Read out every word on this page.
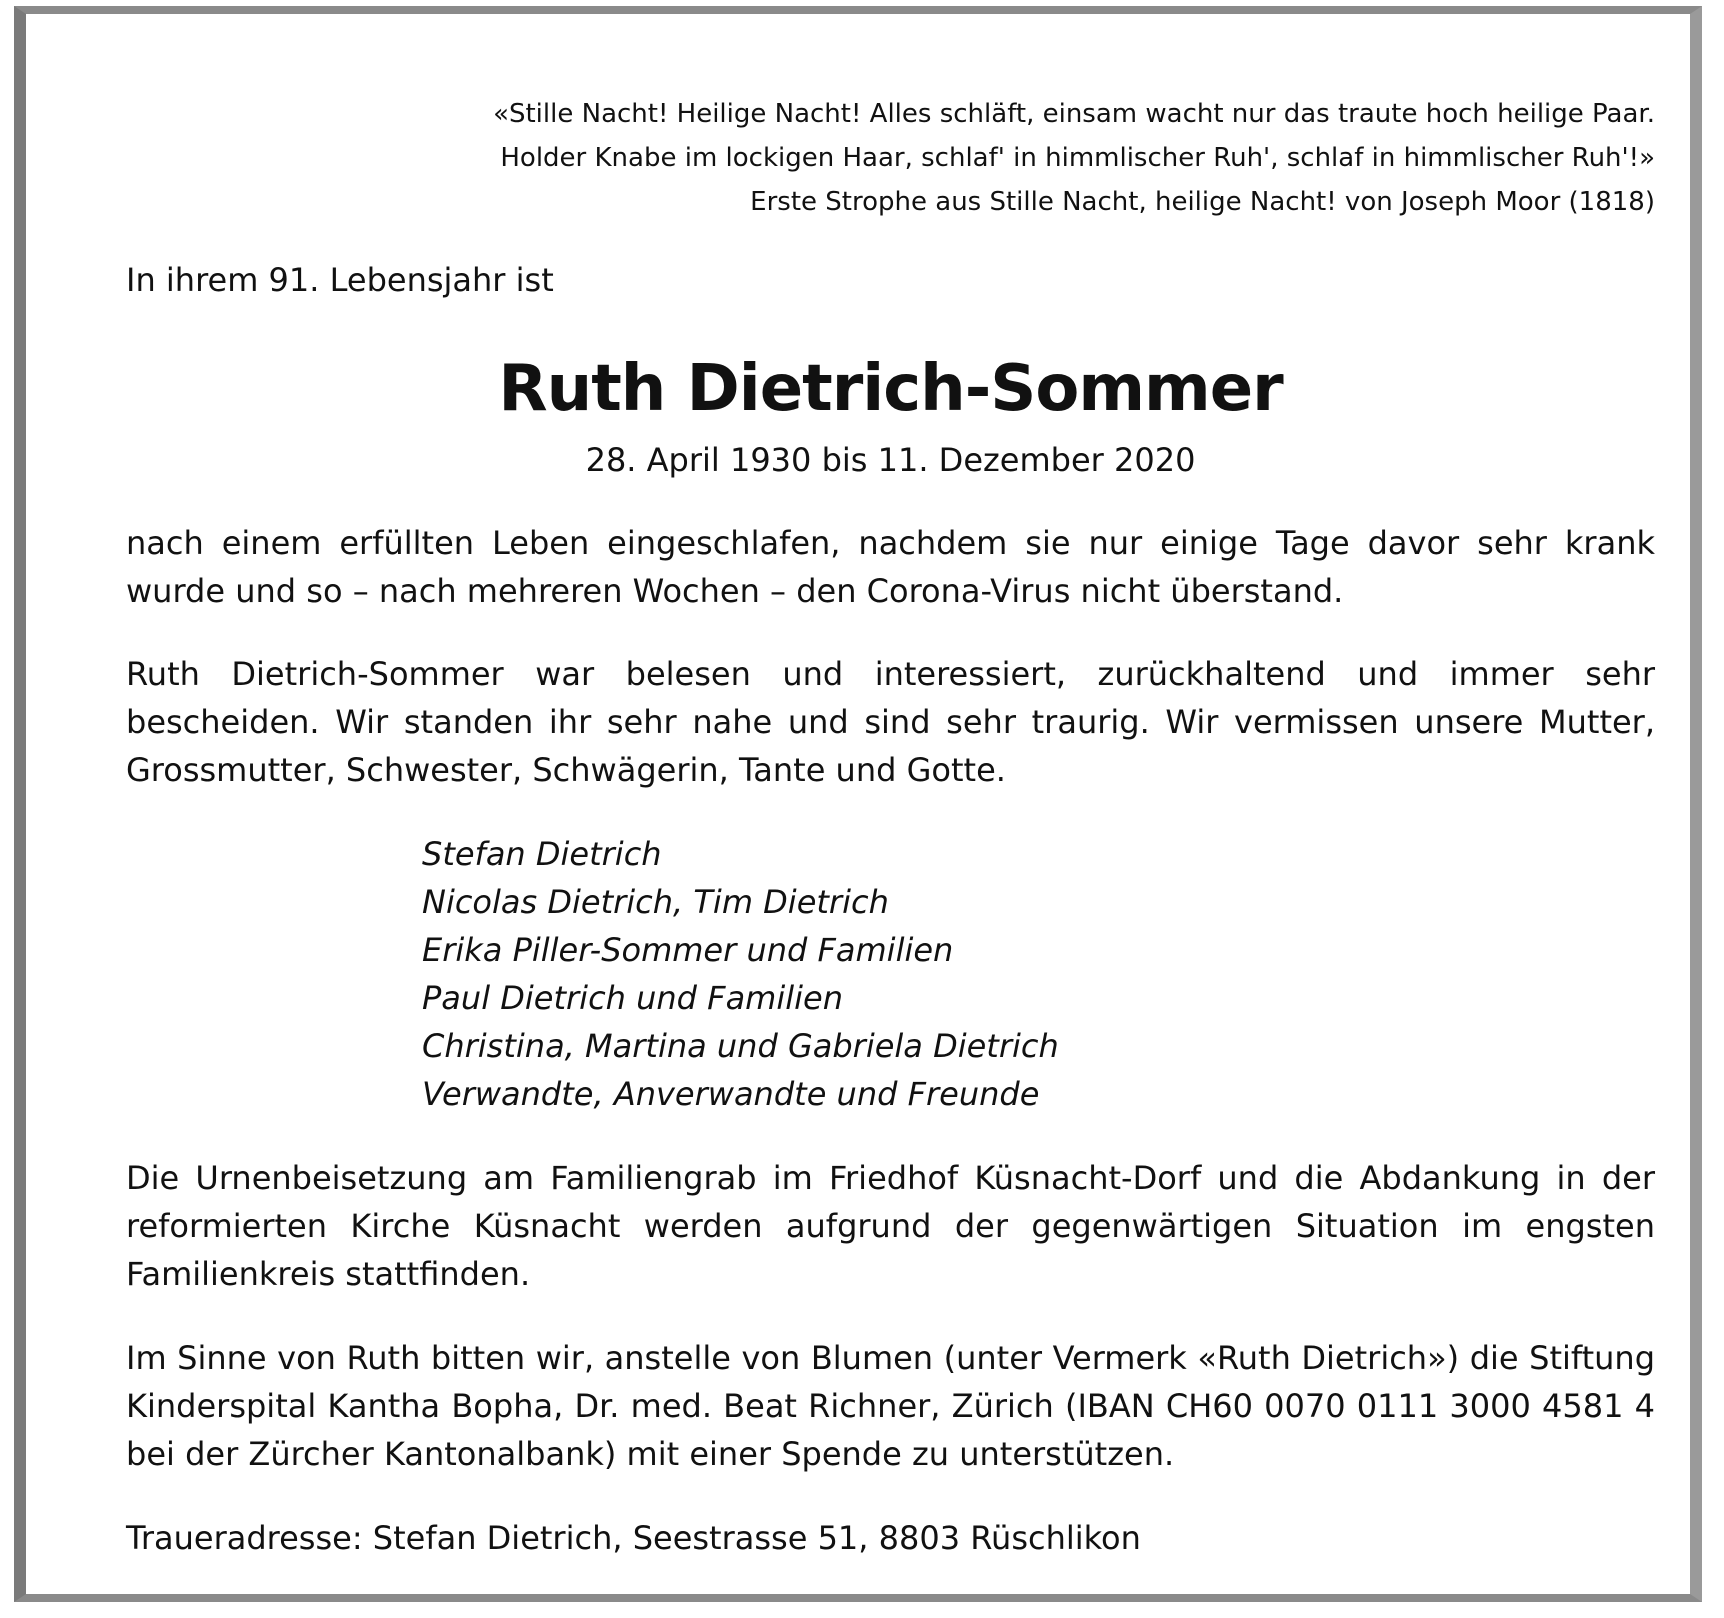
«Stille Nacht! Heilige Nacht! Alles schläft, einsam wacht nur das traute hoch heilige Paar.
Holder Knabe im lockigen Haar, schlaf' in himmlischer Ruh', schlaf in himmlischer Ruh'!»
Erste Strophe aus Stille Nacht, heilige Nacht! von Joseph Moor (1818)
In ihrem 91. Lebensjahr ist
Ruth Dietrich-Sommer
28. April 1930 bis 11. Dezember 2020
nach einem erfüllten Leben eingeschlafen, nachdem sie nur einige Tage davor sehr krank wurde und so – nach mehreren Wochen – den Corona-Virus nicht überstand.
Ruth Dietrich-Sommer war belesen und interessiert, zurückhaltend und immer sehr bescheiden. Wir standen ihr sehr nahe und sind sehr traurig. Wir vermissen unsere Mutter, Grossmutter, Schwester, Schwägerin, Tante und Gotte.
Stefan Dietrich
Nicolas Dietrich, Tim Dietrich
Erika Piller-Sommer und Familien
Paul Dietrich und Familien
Christina, Martina und Gabriela Dietrich
Verwandte, Anverwandte und Freunde
Die Urnenbeisetzung am Familiengrab im Friedhof Küsnacht-Dorf und die Abdankung in der reformierten Kirche Küsnacht werden aufgrund der gegenwärtigen Situation im engsten Familienkreis stattfinden.
Im Sinne von Ruth bitten wir, anstelle von Blumen (unter Vermerk «Ruth Dietrich») die Stiftung Kinderspital Kantha Bopha, Dr. med. Beat Richner, Zürich (IBAN CH60 0070 0111 3000 4581 4 bei der Zürcher Kantonalbank) mit einer Spende zu unterstützen.
Traueradresse: Stefan Dietrich, Seestrasse 51, 8803 Rüschlikon
